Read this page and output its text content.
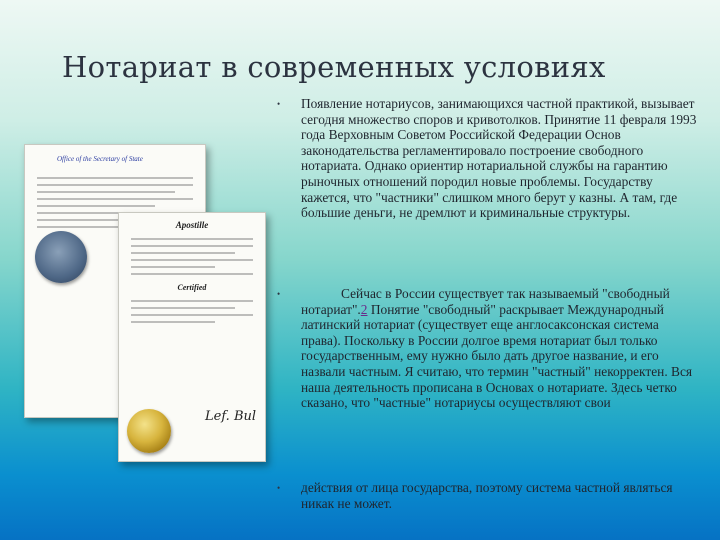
Нотариат в современных условиях
Office of the Secretary of State
Apostille
Certified
Lef. Bul
• Появление нотариусов, занимающихся частной практикой, вызывает сегодня множество споров и кривотолков. Принятие 11 февраля 1993 года Верховным Советом Российской Федерации Основ законодательства регламентировало построение свободного нотариата. Однако ориентир нотариальной службы на гарантию рыночных отношений породил новые проблемы. Государству кажется, что "частники" слишком много берут у казны. А там, где большие деньги, не дремлют и криминальные структуры.

•	Сейчас в России существует так называемый "свободный нотариат".2 Понятие "свободный" раскрывает Международный латинский нотариат (существует еще англосаксонская система права). Поскольку в России долгое время нотариат был только государственным, ему нужно было дать другое название, и его назвали частным. Я считаю, что термин "частный" некорректен. Вся наша деятельность прописана в Основах о нотариате. Здесь четко сказано, что "частные" нотариусы осуществляют свои

• действия от лица государства, поэтому система частной являться никак не может.
